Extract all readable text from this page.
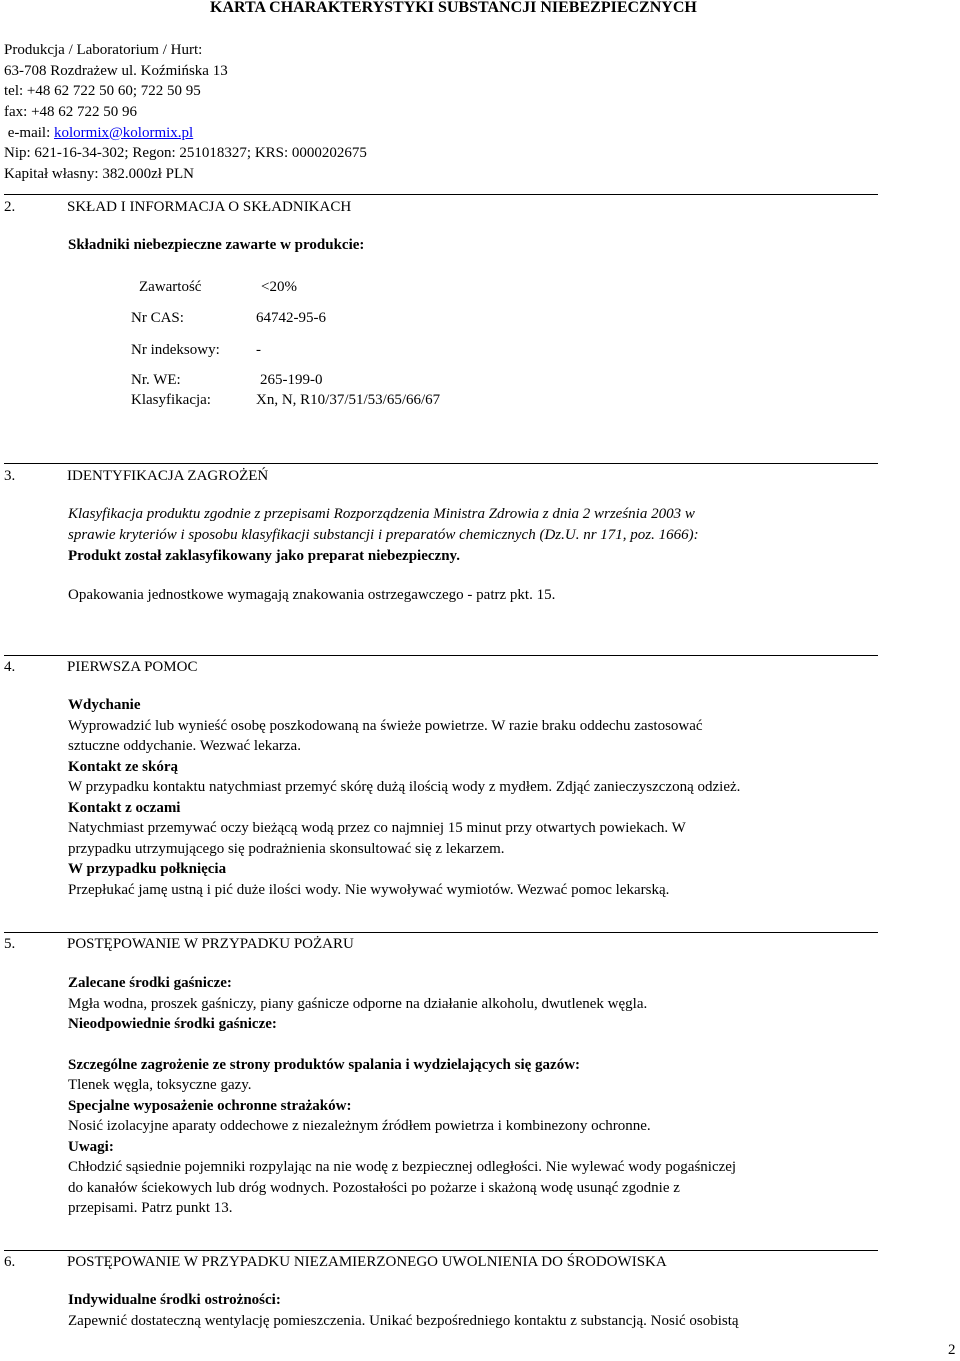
KARTA CHARAKTERYSTYKI SUBSTANCJI NIEBEZPIECZNYCH
Produkcja / Laboratorium / Hurt:
63-708 Rozdrażew ul. Koźmińska 13
tel: +48 62 722 50 60; 722 50 95
fax: +48 62 722 50 96
e-mail: kolormix@kolormix.pl
Nip: 621-16-34-302; Regon: 251018327; KRS: 0000202675
Kapitał własny: 382.000zł PLN
2.	SKŁAD I INFORMACJA O SKŁADNIKACH
Składniki niebezpieczne zawarte w produkcie:
Zawartość	<20%
Nr CAS:	64742-95-6
Nr indeksowy: -
Nr. WE:	265-199-0
Klasyfikacja:	Xn, N, R10/37/51/53/65/66/67
3.	IDENTYFIKACJA ZAGROŻEŃ
Klasyfikacja produktu zgodnie z przepisami Rozporządzenia Ministra Zdrowia z dnia 2 września 2003 w
sprawie kryteriów i sposobu klasyfikacji substancji i preparatów chemicznych (Dz.U. nr 171, poz. 1666):
Produkt został zaklasyfikowany jako preparat niebezpieczny.
Opakowania jednostkowe wymagają znakowania ostrzegawczego - patrz pkt. 15.
4.	PIERWSZA POMOC
Wdychanie
Wyprowadzić lub wynieść osobę poszkodowaną na świeże powietrze. W razie braku oddechu zastosować
sztuczne oddychanie. Wezwać lekarza.
Kontakt ze skórą
W przypadku kontaktu natychmiast przemyć skórę dużą ilością wody z mydłem. Zdjąć zanieczyszczoną odzież.
Kontakt z oczami
Natychmiast przemywać oczy bieżącą wodą przez co najmniej 15 minut przy otwartych powiekach. W
przypadku utrzymującego się podrażnienia skonsultować się z lekarzem.
W przypadku połknięcia
Przepłukać jamę ustną i pić duże ilości wody. Nie wywoływać wymiotów. Wezwać pomoc lekarską.
5.	POSTĘPOWANIE W PRZYPADKU POŻARU
Zalecane środki gaśnicze:
Mgła wodna, proszek gaśniczy, piany gaśnicze odporne na działanie alkoholu, dwutlenek węgla.
Nieodpowiednie środki gaśnicze:
Szczególne zagrożenie ze strony produktów spalania i wydzielających się gazów:
Tlenek węgla, toksyczne gazy.
Specjalne wyposażenie ochronne strażaków:
Nosić izolacyjne aparaty oddechowe z niezależnym źródłem powietrza i kombinezony ochronne.
Uwagi:
Chłodzić sąsiednie pojemniki rozpylając na nie wodę z bezpiecznej odległości. Nie wylewać wody pogaśniczej
do kanałów ściekowych lub dróg wodnych. Pozostałości po pożarze i skażoną wodę usunąć zgodnie z
przepisami. Patrz punkt 13.
6.	POSTĘPOWANIE W PRZYPADKU NIEZAMIERZONEGO UWOLNIENIA DO ŚRODOWISKA
Indywidualne środki ostrożności:
Zapewnić dostateczną wentylację pomieszczenia. Unikać bezpośredniego kontaktu z substancją. Nosić osobistą
2
